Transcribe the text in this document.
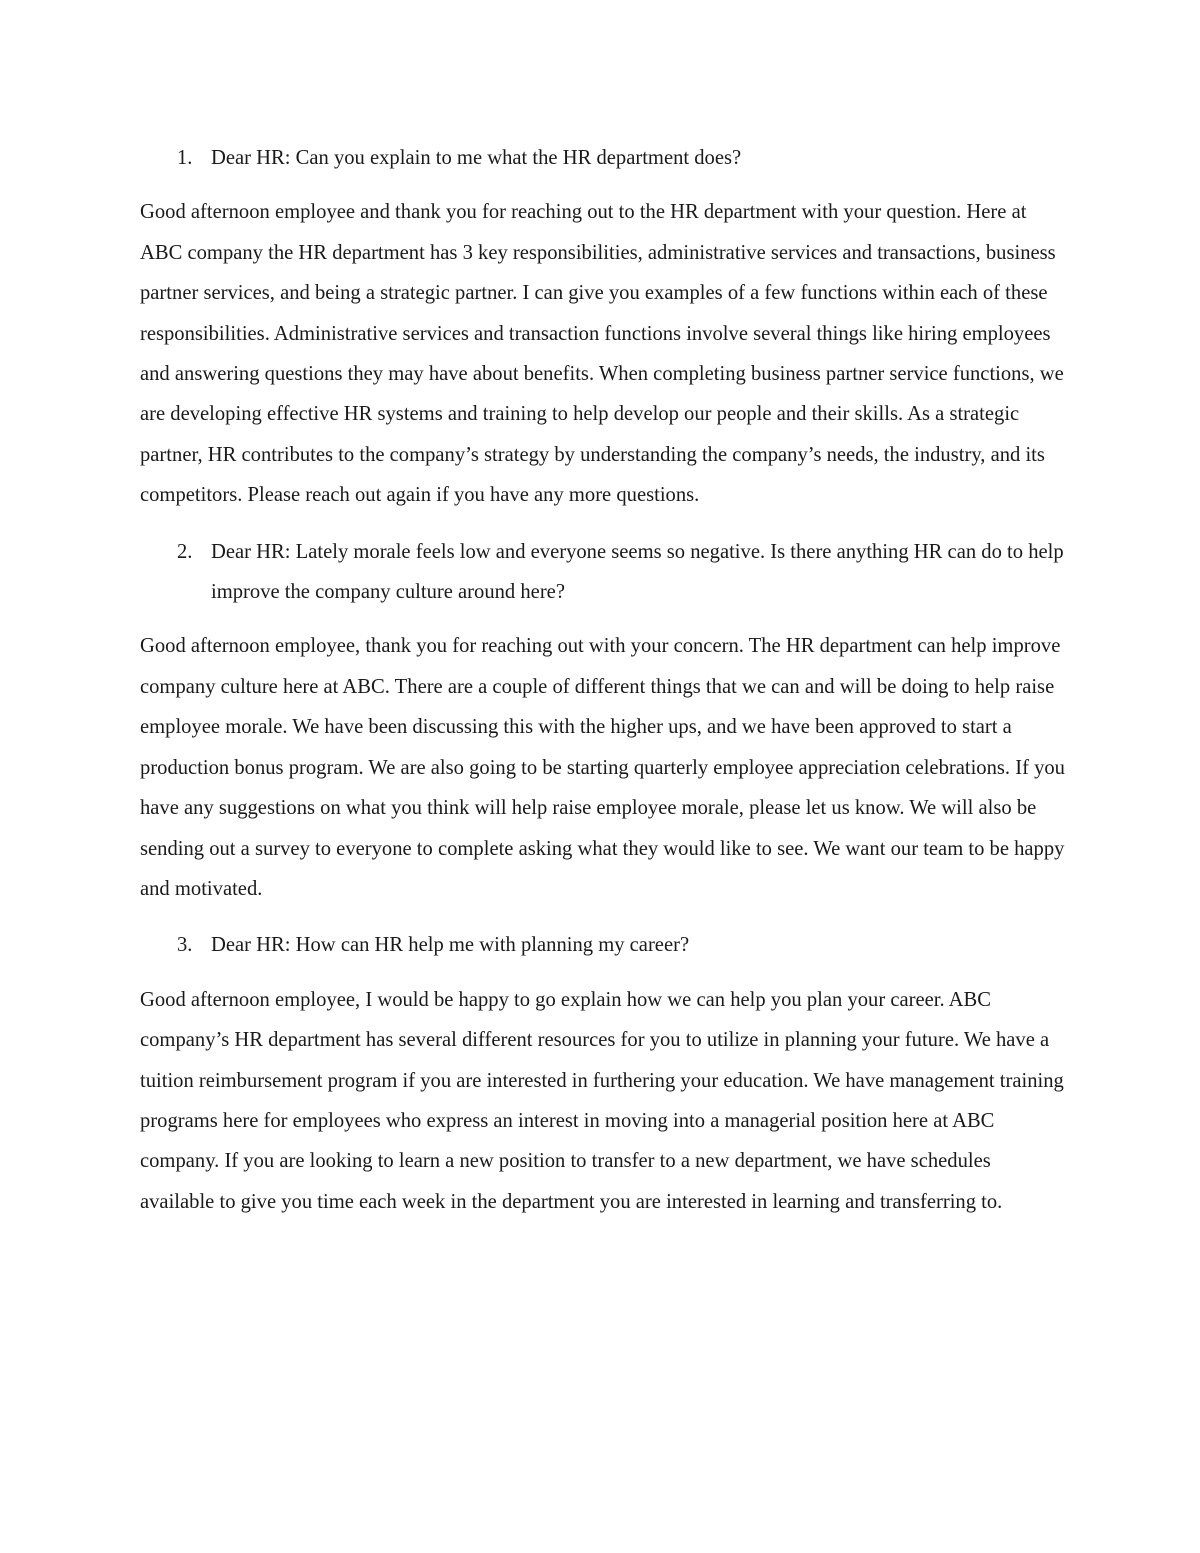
1. Dear HR: Can you explain to me what the HR department does?

Good afternoon employee and thank you for reaching out to the HR department with your question. Here at ABC company the HR department has 3 key responsibilities, administrative services and transactions, business partner services, and being a strategic partner. I can give you examples of a few functions within each of these responsibilities. Administrative services and transaction functions involve several things like hiring employees and answering questions they may have about benefits. When completing business partner service functions, we are developing effective HR systems and training to help develop our people and their skills. As a strategic partner, HR contributes to the company’s strategy by understanding the company’s needs, the industry, and its competitors. Please reach out again if you have any more questions.

2. Dear HR: Lately morale feels low and everyone seems so negative. Is there anything HR can do to help improve the company culture around here?

Good afternoon employee, thank you for reaching out with your concern. The HR department can help improve company culture here at ABC. There are a couple of different things that we can and will be doing to help raise employee morale. We have been discussing this with the higher ups, and we have been approved to start a production bonus program. We are also going to be starting quarterly employee appreciation celebrations. If you have any suggestions on what you think will help raise employee morale, please let us know. We will also be sending out a survey to everyone to complete asking what they would like to see. We want our team to be happy and motivated.

3. Dear HR: How can HR help me with planning my career?

Good afternoon employee, I would be happy to go explain how we can help you plan your career. ABC company’s HR department has several different resources for you to utilize in planning your future. We have a tuition reimbursement program if you are interested in furthering your education. We have management training programs here for employees who express an interest in moving into a managerial position here at ABC company. If you are looking to learn a new position to transfer to a new department, we have schedules available to give you time each week in the department you are interested in learning and transferring to.
